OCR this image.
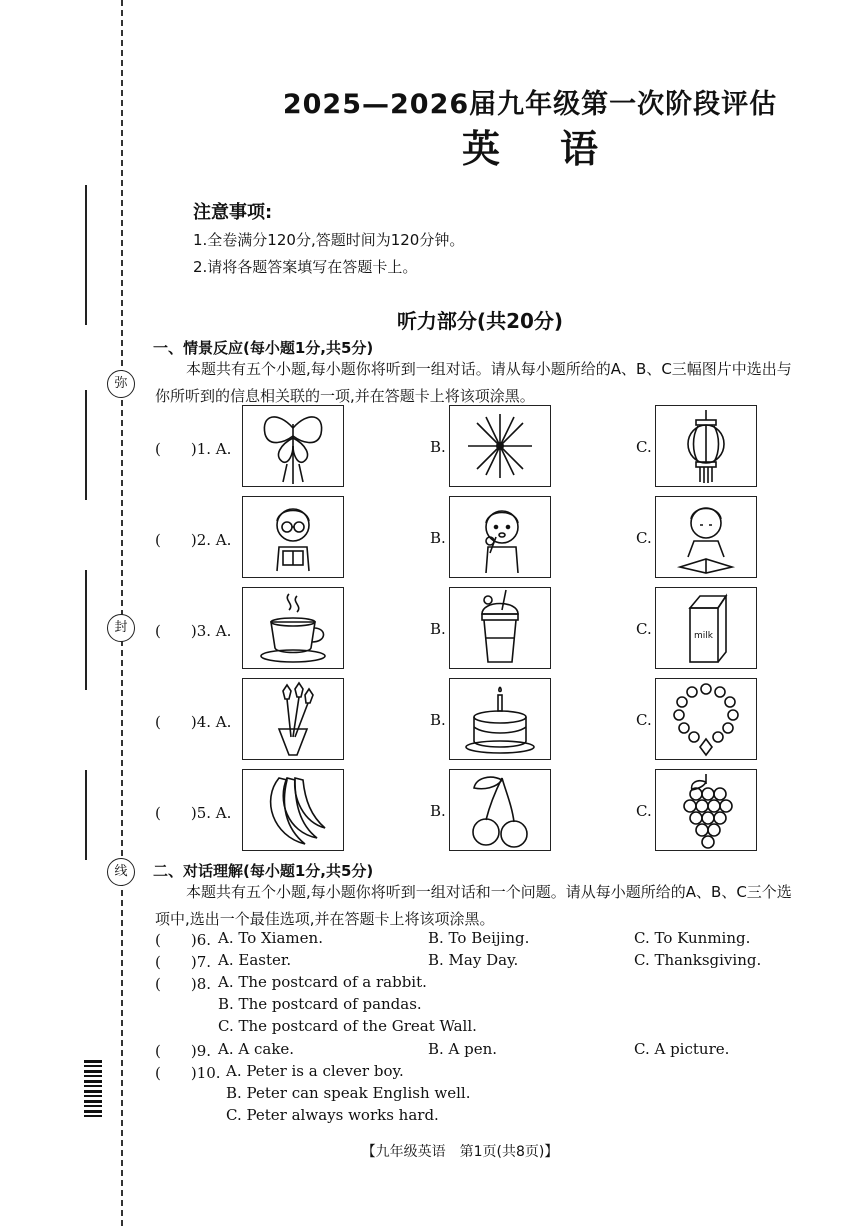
弥
封
线
2025—2026届九年级第一次阶段评估
英语
注意事项:
1.全卷满分120分,答题时间为120分钟。
2.请将各题答案填写在答题卡上。
听力部分(共20分)
一、情景反应(每小题1分,共5分)
本题共有五个小题,每小题你将听到一组对话。请从每小题所给的A、B、C三幅图片中选出与你所听到的信息相关联的一项,并在答题卡上将该项涂黑。
(　　)1. A.	B.	C.
(　　)2. A.	B.	C.
(　　)3. A.	B.	C.	milk
(　　)4. A.	B.	C.
(　　)5. A.	B.	C.
二、对话理解(每小题1分,共5分)
本题共有五个小题,每小题你将听到一组对话和一个问题。请从每小题所给的A、B、C三个选项中,选出一个最佳选项,并在答题卡上将该项涂黑。
(　　)6. A. To Xiamen.	B. To Beijing.	C. To Kunming.
(　　)7. A. Easter.	B. May Day.	C. Thanksgiving.
(　　)8. A. The postcard of a rabbit.
B. The postcard of pandas.
C. The postcard of the Great Wall.
(　　)9. A. A cake.	B. A pen.	C. A picture.
(　　)10. A. Peter is a clever boy.
B. Peter can speak English well.
C. Peter always works hard.
【九年级英语　第1页(共8页)】
